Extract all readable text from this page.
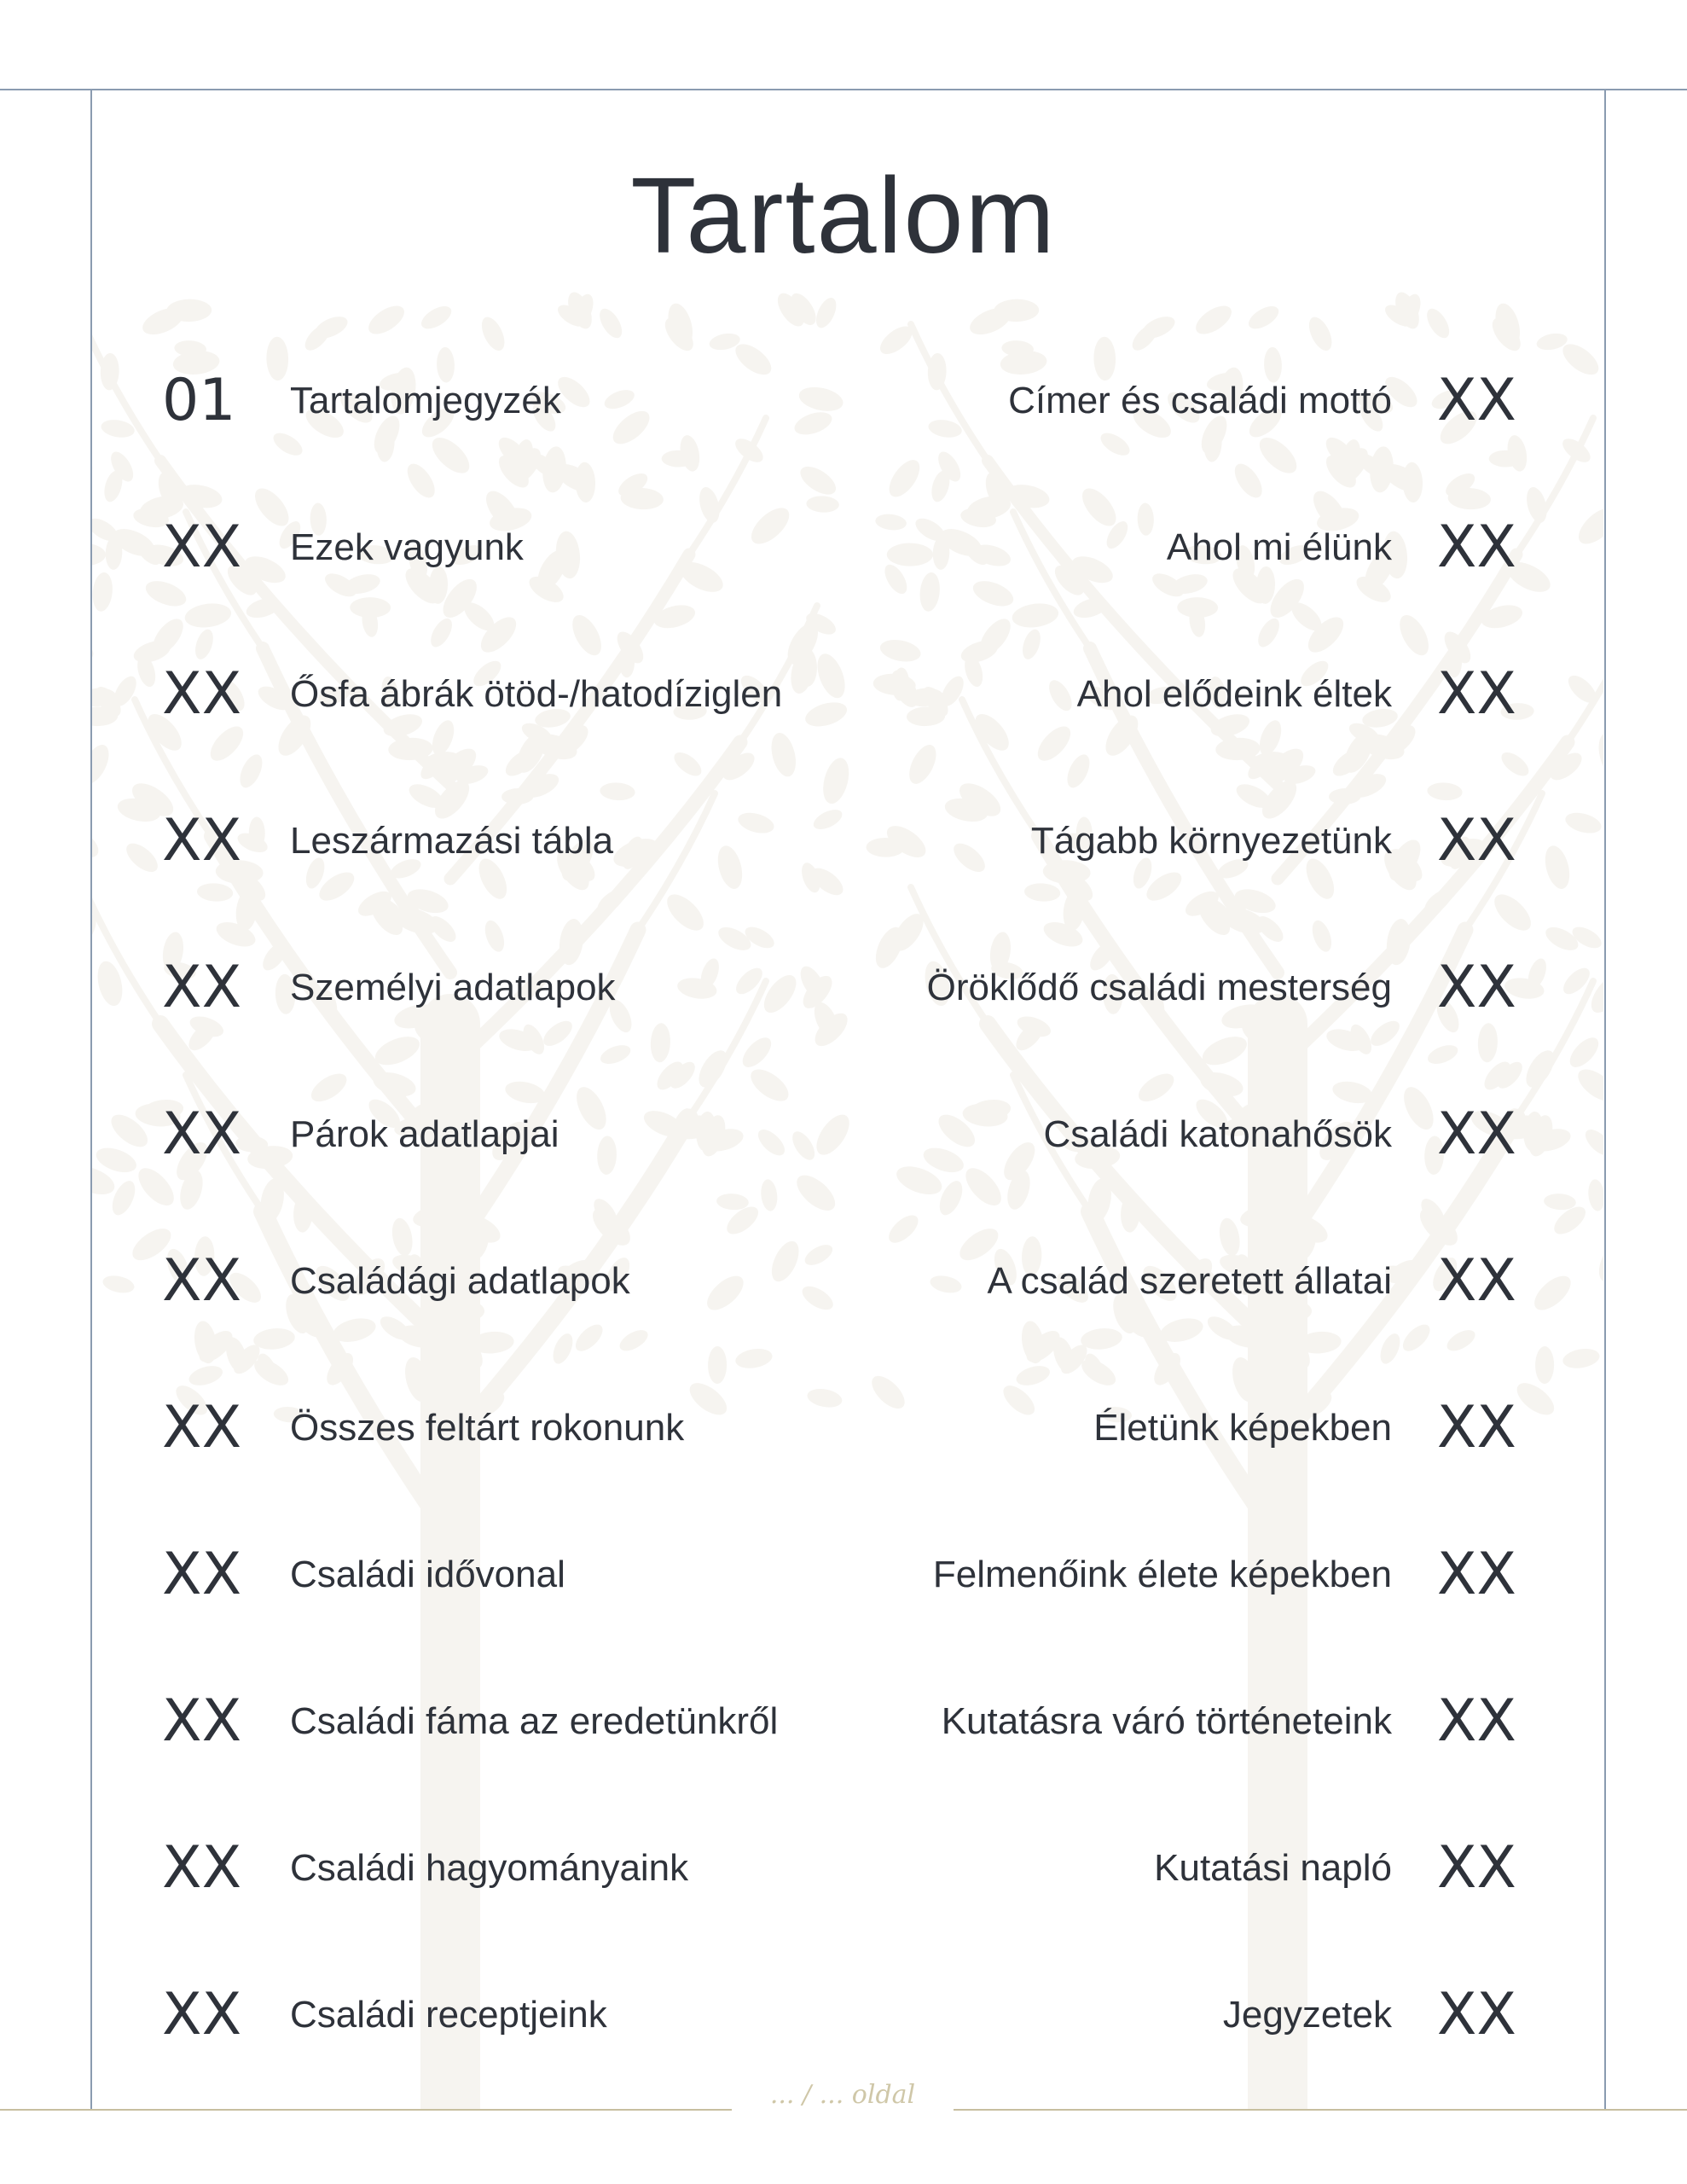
Tartalom
01 Tartalomjegyzék
XX Ezek vagyunk
XX Ősfa ábrák ötöd-/hatodíziglen
XX Leszármazási tábla
XX Személyi adatlapok
XX Párok adatlapjai
XX Családági adatlapok
XX Összes feltárt rokonunk
XX Családi idővonal
XX Családi fáma az eredetünkről
XX Családi hagyományaink
XX Családi receptjeink
XX
Címer és családi mottó
XX
Ahol mi élünk
XX
Ahol elődeink éltek
XX
Tágabb környezetünk
XX
Öröklődő családi mesterség
XX
Családi katonahősök
XX
A család szeretett állatai
XX
Életünk képekben
XX
Felmenőink élete képekben
XX
Kutatásra váró történeteink
XX
Kutatási napló
XX
Jegyzetek
... / ... oldal
